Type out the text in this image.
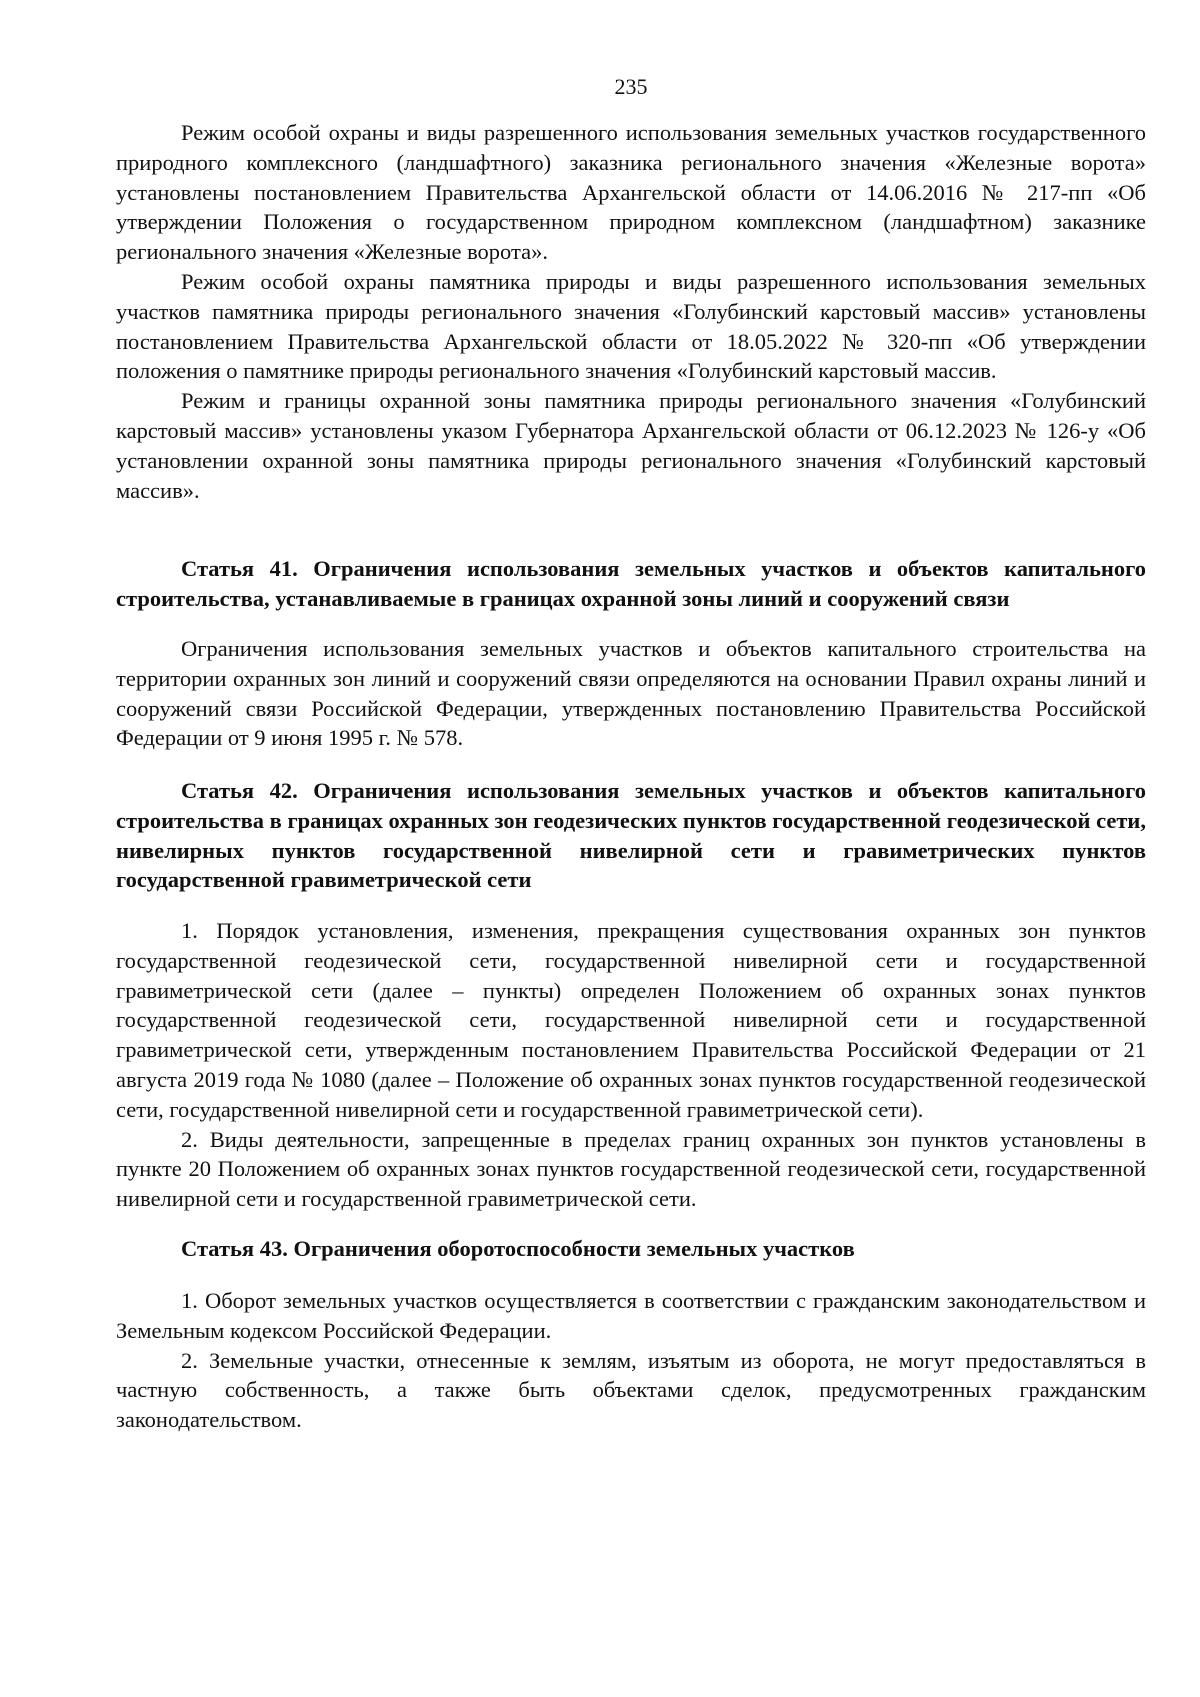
235

Режим особой охраны и виды разрешенного использования земельных участков государственного природного комплексного (ландшафтного) заказника регионального значения «Железные ворота» установлены постановлением Правительства Архангельской области от 14.06.2016 № 217-пп «Об утверждении Положения о государственном природном комплексном (ландшафтном) заказнике регионального значения «Железные ворота».

Режим особой охраны памятника природы и виды разрешенного использования земельных участков памятника природы регионального значения «Голубинский карстовый массив» установлены постановлением Правительства Архангельской области от 18.05.2022 № 320-пп «Об утверждении положения о памятнике природы регионального значения «Голубинский карстовый массив.

Режим и границы охранной зоны памятника природы регионального значения «Голубинский карстовый массив» установлены указом Губернатора Архангельской области от 06.12.2023 № 126-у «Об установлении охранной зоны памятника природы регионального значения «Голубинский карстовый массив».

Статья 41. Ограничения использования земельных участков и объектов капитального строительства, устанавливаемые в границах охранной зоны линий и сооружений связи

Ограничения использования земельных участков и объектов капитального строительства на территории охранных зон линий и сооружений связи определяются на основании Правил охраны линий и сооружений связи Российской Федерации, утвержденных постановлению Правительства Российской Федерации от 9 июня 1995 г. № 578.

Статья 42. Ограничения использования земельных участков и объектов капитального строительства в границах охранных зон геодезических пунктов государственной геодезической сети, нивелирных пунктов государственной нивелирной сети и гравиметрических пунктов государственной гравиметрической сети

1. Порядок установления, изменения, прекращения существования охранных зон пунктов государственной геодезической сети, государственной нивелирной сети и государственной гравиметрической сети (далее – пункты) определен Положением об охранных зонах пунктов государственной геодезической сети, государственной нивелирной сети и государственной гравиметрической сети, утвержденным постановлением Правительства Российской Федерации от 21 августа 2019 года № 1080 (далее – Положение об охранных зонах пунктов государственной геодезической сети, государственной нивелирной сети и государственной гравиметрической сети).

2. Виды деятельности, запрещенные в пределах границ охранных зон пунктов установлены в пункте 20 Положением об охранных зонах пунктов государственной геодезической сети, государственной нивелирной сети и государственной гравиметрической сети.

Статья 43. Ограничения оборотоспособности земельных участков

1. Оборот земельных участков осуществляется в соответствии с гражданским законодательством и Земельным кодексом Российской Федерации.

2. Земельные участки, отнесенные к землям, изъятым из оборота, не могут предоставляться в частную собственность, а также быть объектами сделок, предусмотренных гражданским законодательством.
